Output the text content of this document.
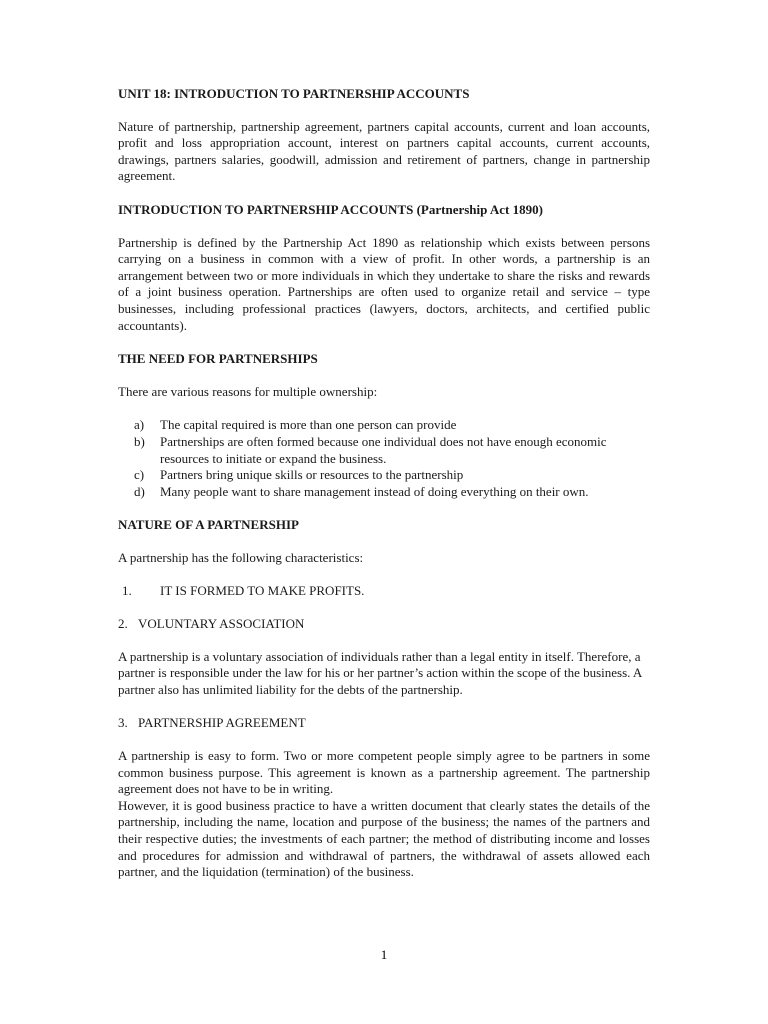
UNIT 18: INTRODUCTION TO PARTNERSHIP ACCOUNTS

Nature of partnership, partnership agreement, partners capital accounts, current and loan accounts, profit and loss appropriation account, interest on partners capital accounts, current accounts, drawings, partners salaries, goodwill, admission and retirement of partners, change in partnership agreement.

INTRODUCTION TO PARTNERSHIP ACCOUNTS (Partnership Act 1890)

Partnership is defined by the Partnership Act 1890 as relationship which exists between persons carrying on a business in common with a view of profit. In other words, a partnership is an arrangement between two or more individuals in which they undertake to share the risks and rewards of a joint business operation. Partnerships are often used to organize retail and service – type businesses, including professional practices (lawyers, doctors, architects, and certified public accountants).

THE NEED FOR PARTNERSHIPS

There are various reasons for multiple ownership:

a)	The capital required is more than one person can provide
b)	Partnerships are often formed because one individual does not have enough economic resources to initiate or expand the business.
c)	Partners bring unique skills or resources to the partnership
d)	Many people want to share management instead of doing everything on their own.
NATURE OF A PARTNERSHIP

A partnership has the following characteristics:

1.	IT IS FORMED TO MAKE PROFITS.
2. VOLUNTARY ASSOCIATION

A partnership is a voluntary association of individuals rather than a legal entity in itself. Therefore, a partner is responsible under the law for his or her partner’s action within the scope of the business. A partner also has unlimited liability for the debts of the partnership.

3. PARTNERSHIP AGREEMENT

A partnership is easy to form. Two or more competent people simply agree to be partners in some common business purpose. This agreement is known as a partnership agreement. The partnership agreement does not have to be in writing.

However, it is good business practice to have a written document that clearly states the details of the partnership, including the name, location and purpose of the business; the names of the partners and their respective duties; the investments of each partner; the method of distributing income and losses and procedures for admission and withdrawal of partners, the withdrawal of assets allowed each partner, and the liquidation (termination) of the business.

1
